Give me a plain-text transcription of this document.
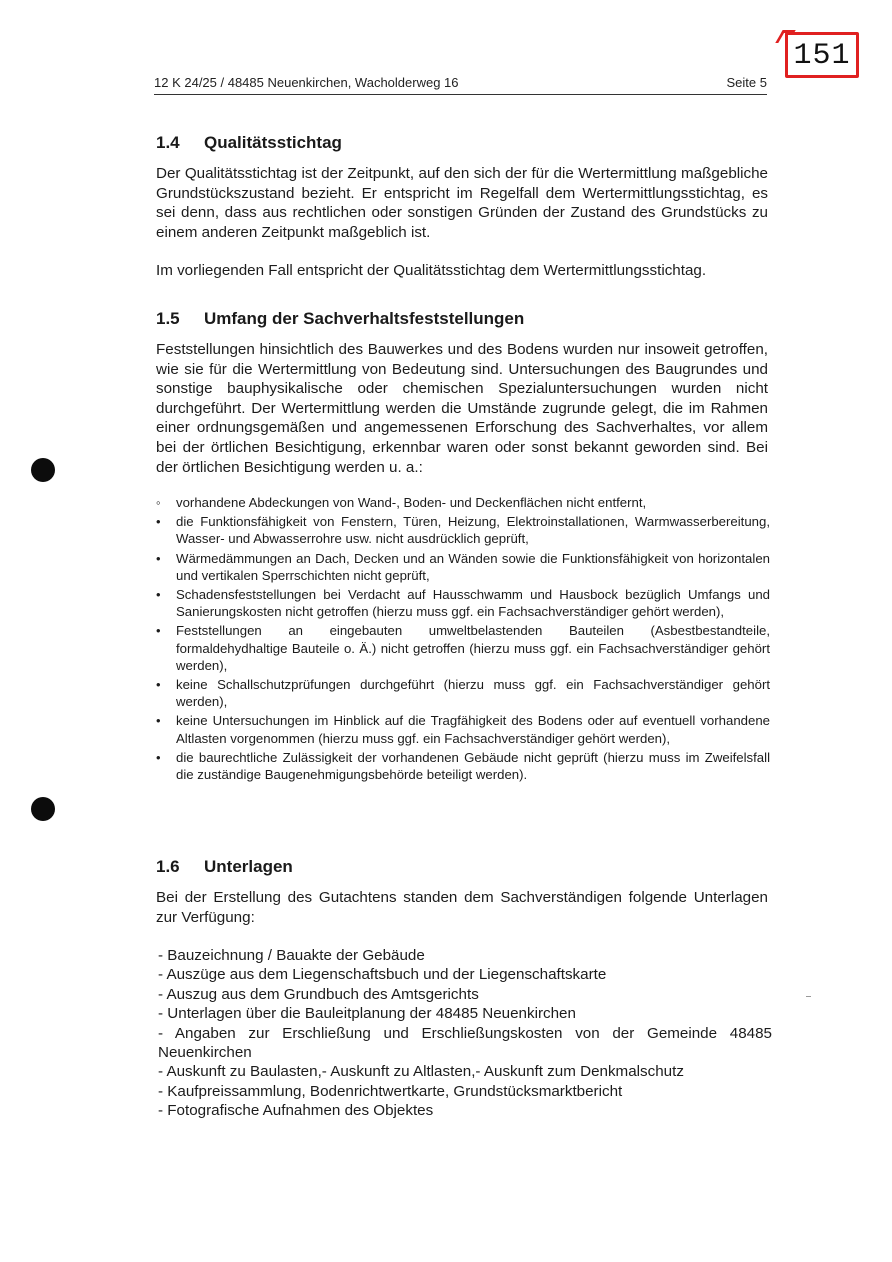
151
12 K 24/25 / 48485 Neuenkirchen, Wacholderweg 16	Seite 5
1.4 Qualitätsstichtag

Der Qualitätsstichtag ist der Zeitpunkt, auf den sich der für die Wertermittlung maßgebliche Grundstückszustand bezieht. Er entspricht im Regelfall dem Wertermittlungsstichtag, es sei denn, dass aus rechtlichen oder sonstigen Gründen der Zustand des Grundstücks zu einem anderen Zeitpunkt maßgeblich ist.

Im vorliegenden Fall entspricht der Qualitätsstichtag dem Wertermittlungsstichtag.

1.5 Umfang der Sachverhaltsfeststellungen

Feststellungen hinsichtlich des Bauwerkes und des Bodens wurden nur insoweit getroffen, wie sie für die Wertermittlung von Bedeutung sind. Untersuchungen des Baugrundes und sonstige bauphysikalische oder chemischen Spezialuntersuchungen wurden nicht durchgeführt. Der Wertermittlung werden die Umstände zugrunde gelegt, die im Rahmen einer ordnungsgemäßen und angemessenen Erforschung des Sachverhaltes, vor allem bei der örtlichen Besichtigung, erkennbar waren oder sonst bekannt geworden sind. Bei der örtlichen Besichtigung werden u. a.:

◦ vorhandene Abdeckungen von Wand-, Boden- und Deckenflächen nicht entfernt,
• die Funktionsfähigkeit von Fenstern, Türen, Heizung, Elektroinstallationen, Warmwasserbereitung, Wasser- und Abwasserrohre usw. nicht ausdrücklich geprüft,
• Wärmedämmungen an Dach, Decken und an Wänden sowie die Funktionsfähigkeit von horizontalen und vertikalen Sperrschichten nicht geprüft,
• Schadensfeststellungen bei Verdacht auf Hausschwamm und Hausbock bezüglich Umfangs und Sanierungskosten nicht getroffen (hierzu muss ggf. ein Fachsachverständiger gehört werden),
• Feststellungen an eingebauten umweltbelastenden Bauteilen (Asbestbestandteile, formaldehydhaltige Bauteile o. Ä.) nicht getroffen (hierzu muss ggf. ein Fachsachverständiger gehört werden),
• keine Schallschutzprüfungen durchgeführt (hierzu muss ggf. ein Fachsachverständiger gehört werden),
• keine Untersuchungen im Hinblick auf die Tragfähigkeit des Bodens oder auf eventuell vorhandene Altlasten vorgenommen (hierzu muss ggf. ein Fachsachverständiger gehört werden),
• die baurechtliche Zulässigkeit der vorhandenen Gebäude nicht geprüft (hierzu muss im Zweifelsfall die zuständige Baugenehmigungsbehörde beteiligt werden).
1.6 Unterlagen

Bei der Erstellung des Gutachtens standen dem Sachverständigen folgende Unterlagen zur Verfügung:

- Bauzeichnung / Bauakte der Gebäude
- Auszüge aus dem Liegenschaftsbuch und der Liegenschaftskarte
- Auszug aus dem Grundbuch des Amtsgerichts
- Unterlagen über die Bauleitplanung der 48485 Neuenkirchen
- Angaben zur Erschließung und Erschließungskosten von der Gemeinde 48485 Neuenkirchen
- Auskunft zu Baulasten,- Auskunft zu Altlasten,- Auskunft zum Denkmalschutz
- Kaufpreissammlung, Bodenrichtwertkarte, Grundstücksmarktbericht
- Fotografische Aufnahmen des Objektes
